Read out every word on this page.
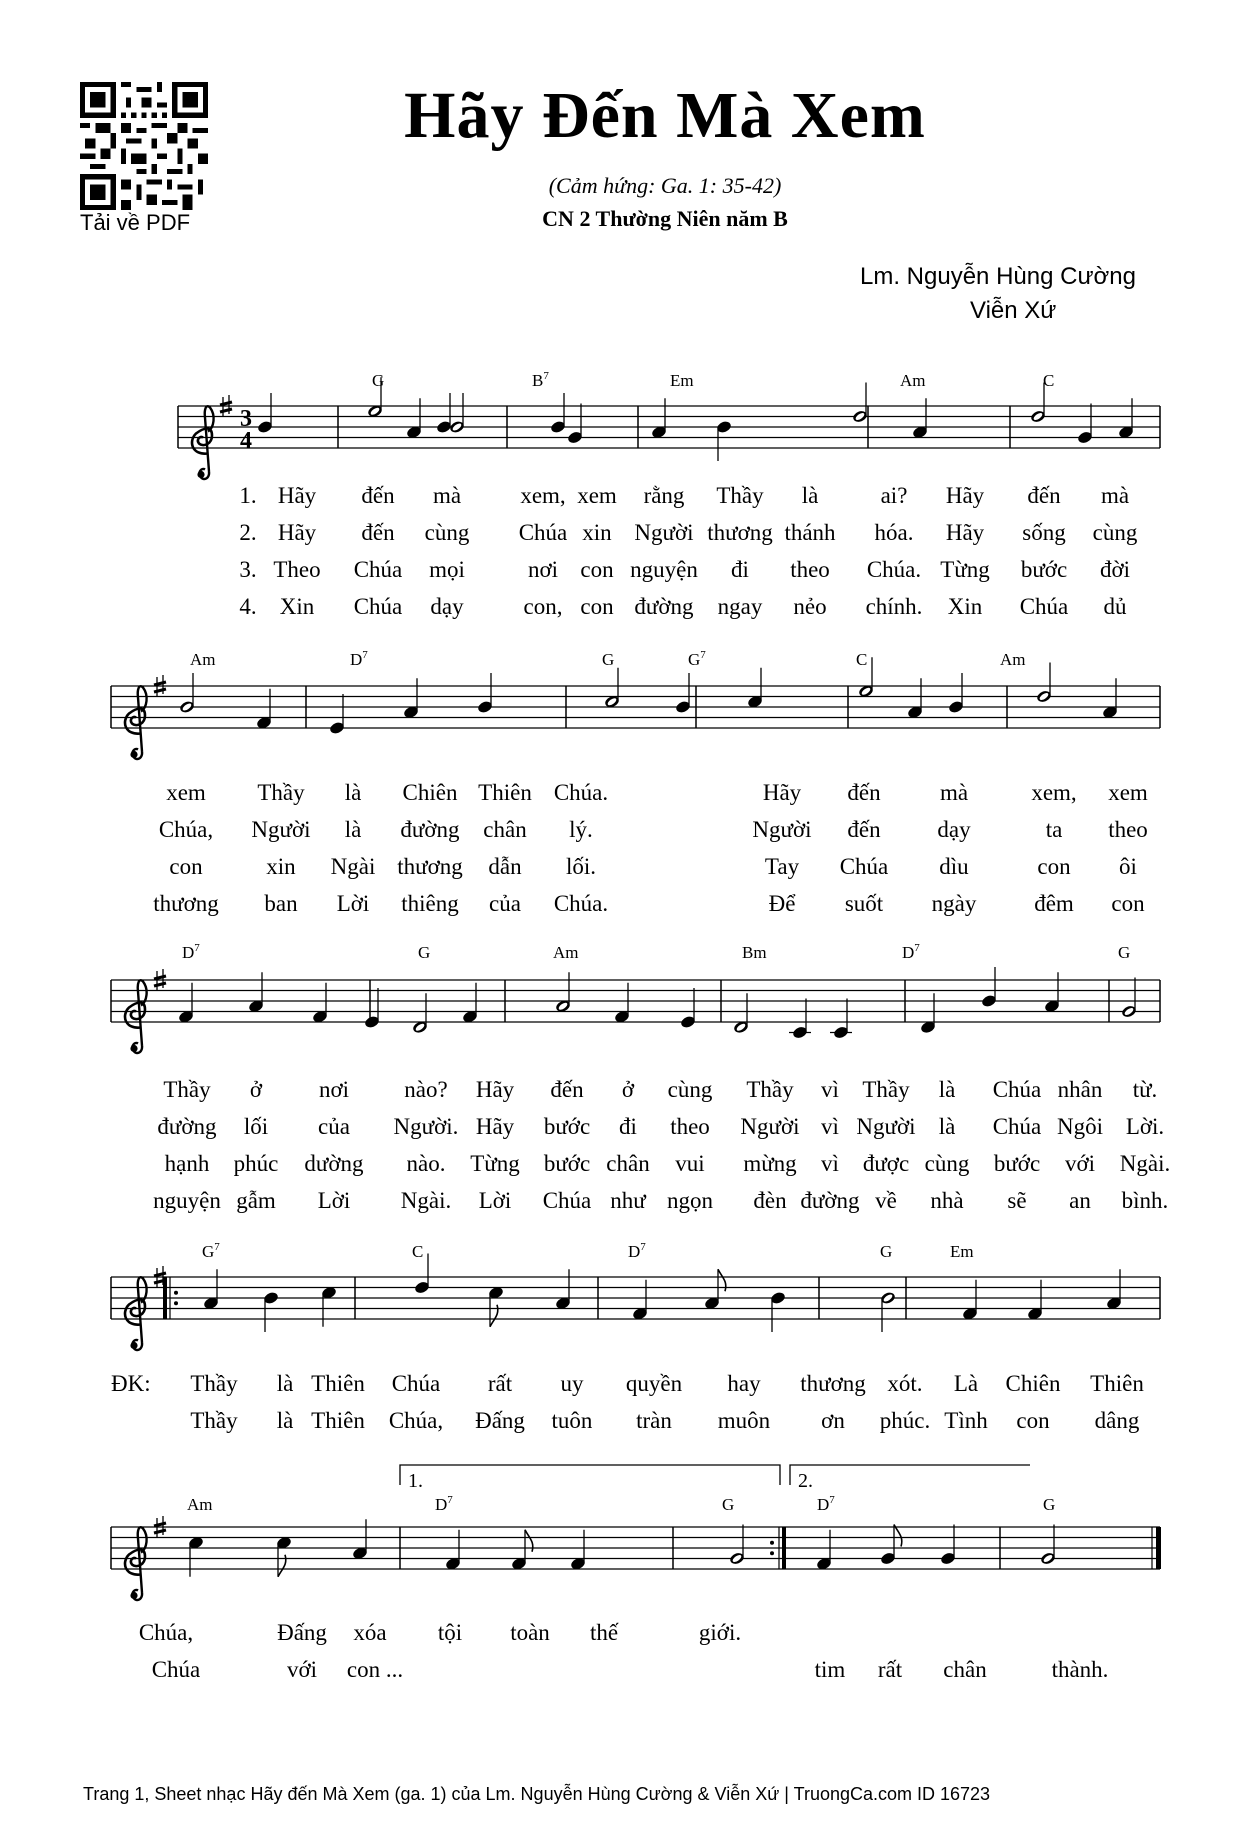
Tải về PDF
Hãy Đến Mà Xem
(Cảm hứng: Ga. 1: 35-42)
CN 2 Thường Niên năm B
Lm. Nguyễn Hùng Cường
Viễn Xứ
3
4
G	$B^7$	Em	Am	C
1. Hãy đến mà	xem, xem rằng Thầy là	ai? Hãy đến mà
2. Hãy đến cùng Chúa xin Người thương thánh hóa. Hãy sống cùng
3. Theo Chúa mọi	nơi con nguyện đi theo Chúa. Từng bước đời
4. Xin Chúa dạy	con, con đường ngay nẻo chính. Xin Chúa dủ
Am	$D^7$	G	$G^7$	C	Am
xem Thầy là Chiên Thiên Chúa.	Hãy đến	mà	xem, xem
Chúa, Người là đường chân lý.	Người đến dạy	ta theo
con	xin Ngài thương dẫn lối.	Tay Chúa dìu	con ôi
thương ban Lời thiêng của Chúa.	Để suốt ngày	đêm con
$D^7$	G	Am	Bm	$D^7$	G
Thầy ở nơi nào? Hãy đến ở cùng Thầy vì Thầy là Chúa nhân từ.
đường lối của Người. Hãy bước đi theo Người vì Người là Chúa Ngôi Lời.
hạnh phúc dường nào. Từng bước chân vui mừng vì được cùng bước với Ngài.
nguyện gẫm Lời Ngài. Lời Chúa như ngọn đèn đường về nhà sẽ an bình.
$G^7$	C	$D^7$	G	Em
ĐK: Thầy là Thiên Chúa rất uy quyền hay thương xót. Là Chiên Thiên
Thầy là Thiên Chúa, Đấng tuôn tràn muôn ơn phúc. Tình con dâng
1.	2.
Am	$D^7$	G	$D^7$	G
Chúa,	Đấng xóa tội toàn thế	giới.
Chúa	với con ...	tim rất chân	thành.
Trang 1, Sheet nhạc Hãy đến Mà Xem (ga. 1) của Lm. Nguyễn Hùng Cường & Viễn Xứ | TruongCa.com ID 16723
